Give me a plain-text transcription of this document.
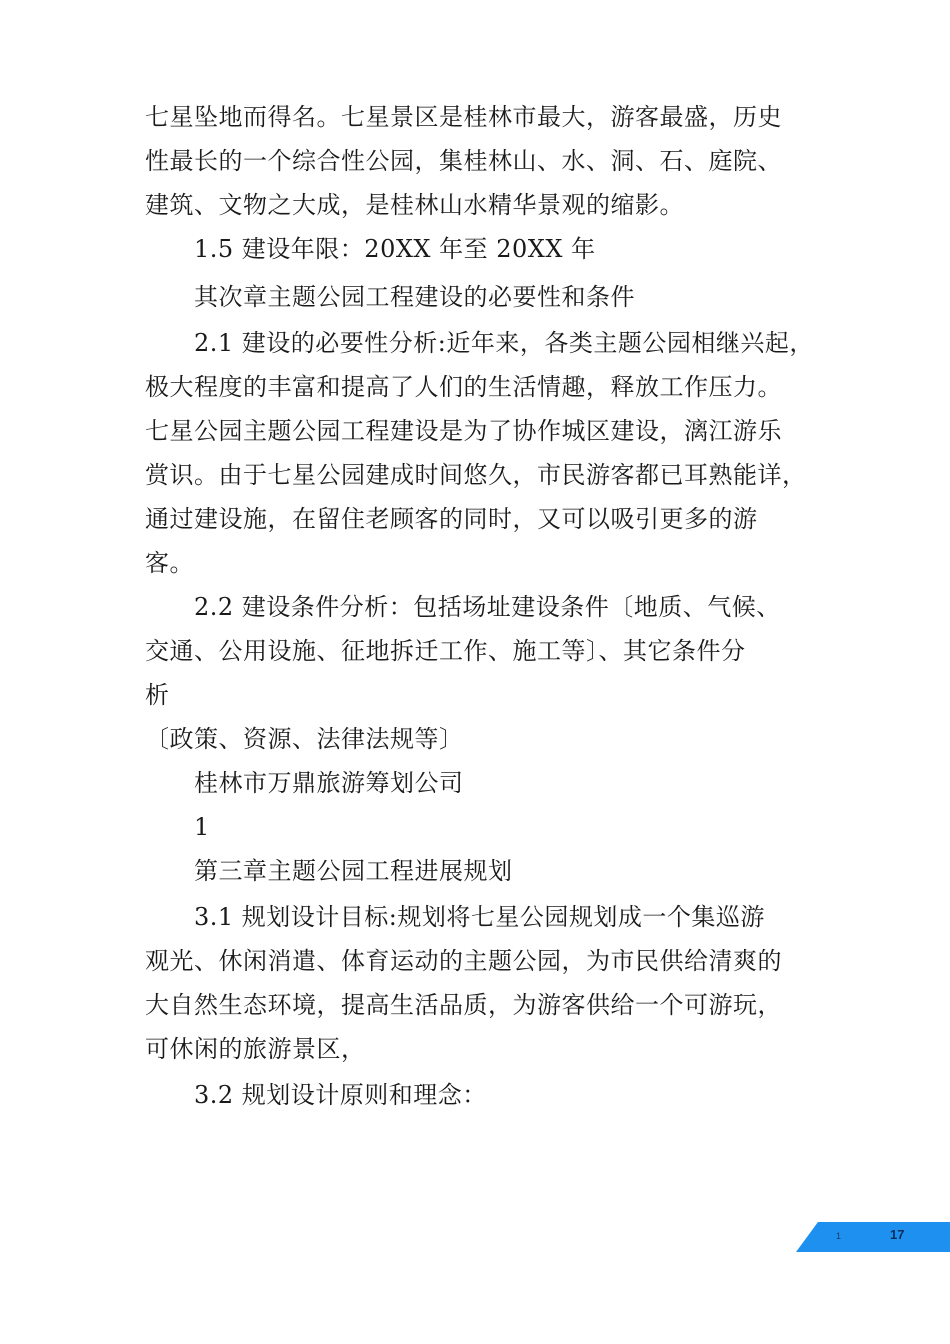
七星坠地而得名。七星景区是桂林市最大，游客最盛，历史
性最长的一个综合性公园，集桂林山、水、洞、石、庭院、
建筑、文物之大成，是桂林山水精华景观的缩影。
1.5 建设年限：20XX 年至 20XX 年
其次章主题公园工程建设的必要性和条件
2.1 建设的必要性分析:近年来，各类主题公园相继兴起，
极大程度的丰富和提高了人们的生活情趣，释放工作压力。
七星公园主题公园工程建设是为了协作城区建设，漓江游乐
赏识。由于七星公园建成时间悠久，市民游客都已耳熟能详，
通过建设施，在留住老顾客的同时，又可以吸引更多的游
客。
2.2 建设条件分析：包括场址建设条件〔地质、气候、
交通、公用设施、征地拆迁工作、施工等〕、其它条件分
析
〔政策、资源、法律法规等〕
桂林市万鼎旅游筹划公司
1
第三章主题公园工程进展规划
3.1 规划设计目标:规划将七星公园规划成一个集巡游
观光、休闲消遣、体育运动的主题公园，为市民供给清爽的
大自然生态环境，提高生活品质，为游客供给一个可游玩，
可休闲的旅游景区，
3.2 规划设计原则和理念：
1	17
